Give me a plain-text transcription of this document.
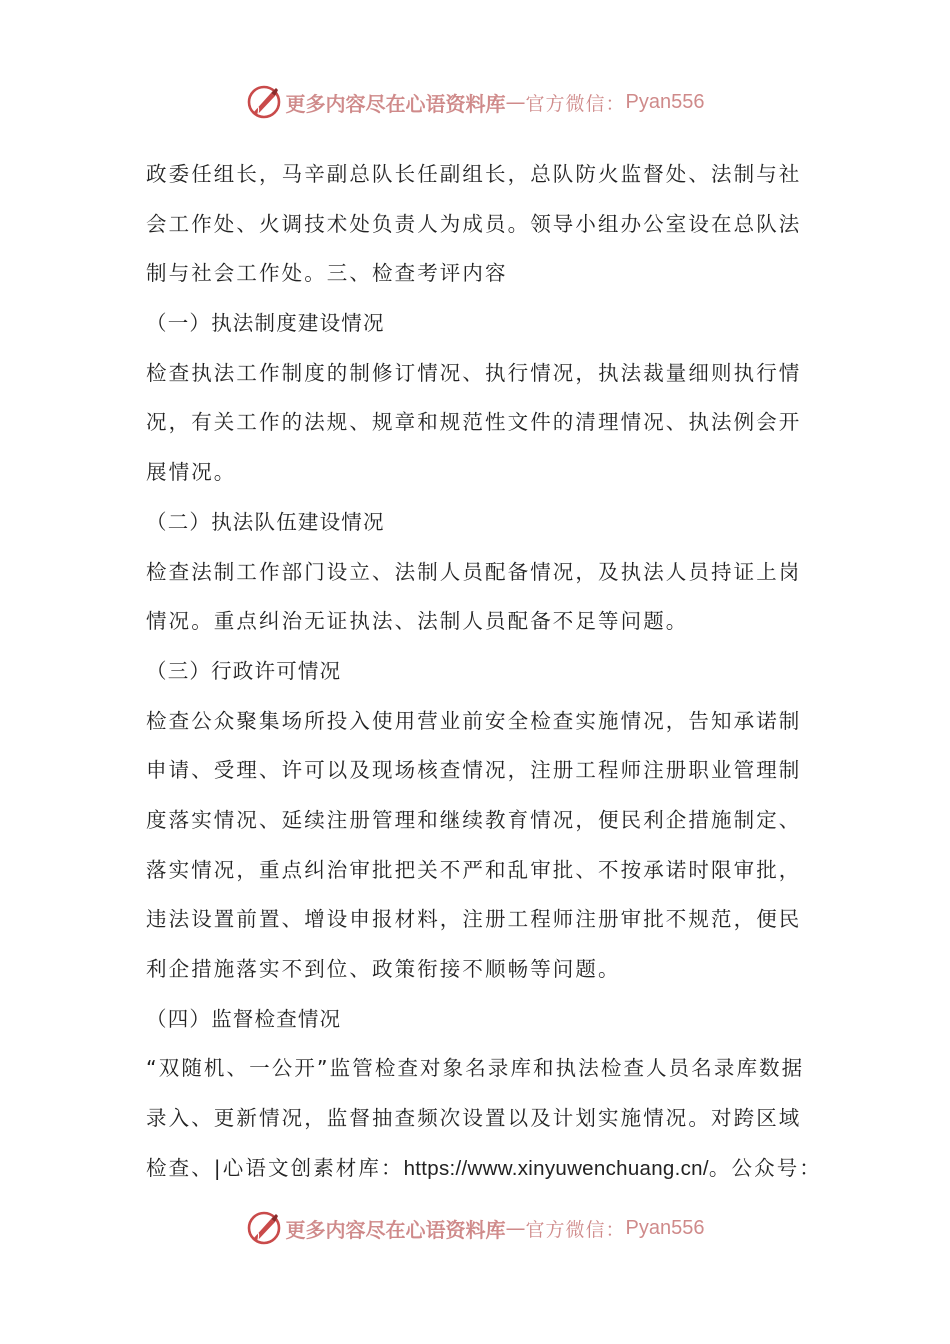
更多内容尽在心语资料库 — 官方微信： Pyan556
政委任组长，马辛副总队长任副组长，总队防火监督处、法制与社
会工作处、火调技术处负责人为成员。领导小组办公室设在总队法
制与社会工作处。三、检查考评内容
（一）执法制度建设情况
检查执法工作制度的制修订情况、执行情况，执法裁量细则执行情
况，有关工作的法规、规章和规范性文件的清理情况、执法例会开
展情况。
（二）执法队伍建设情况
检查法制工作部门设立、法制人员配备情况，及执法人员持证上岗
情况。重点纠治无证执法、法制人员配备不足等问题。
（三）行政许可情况
检查公众聚集场所投入使用营业前安全检查实施情况，告知承诺制
申请、受理、许可以及现场核查情况，注册工程师注册职业管理制
度落实情况、延续注册管理和继续教育情况，便民利企措施制定、
落实情况，重点纠治审批把关不严和乱审批、不按承诺时限审批，
违法设置前置、增设申报材料，注册工程师注册审批不规范，便民
利企措施落实不到位、政策衔接不顺畅等问题。
（四）监督检查情况
“双随机、一公开”监管检查对象名录库和执法检查人员名录库数据
录入、更新情况，监督抽查频次设置以及计划实施情况。对跨区域
检查、|心语文创素材库：https://www.xinyuwenchuang.cn/。公众号：
更多内容尽在心语资料库 — 官方微信： Pyan556
